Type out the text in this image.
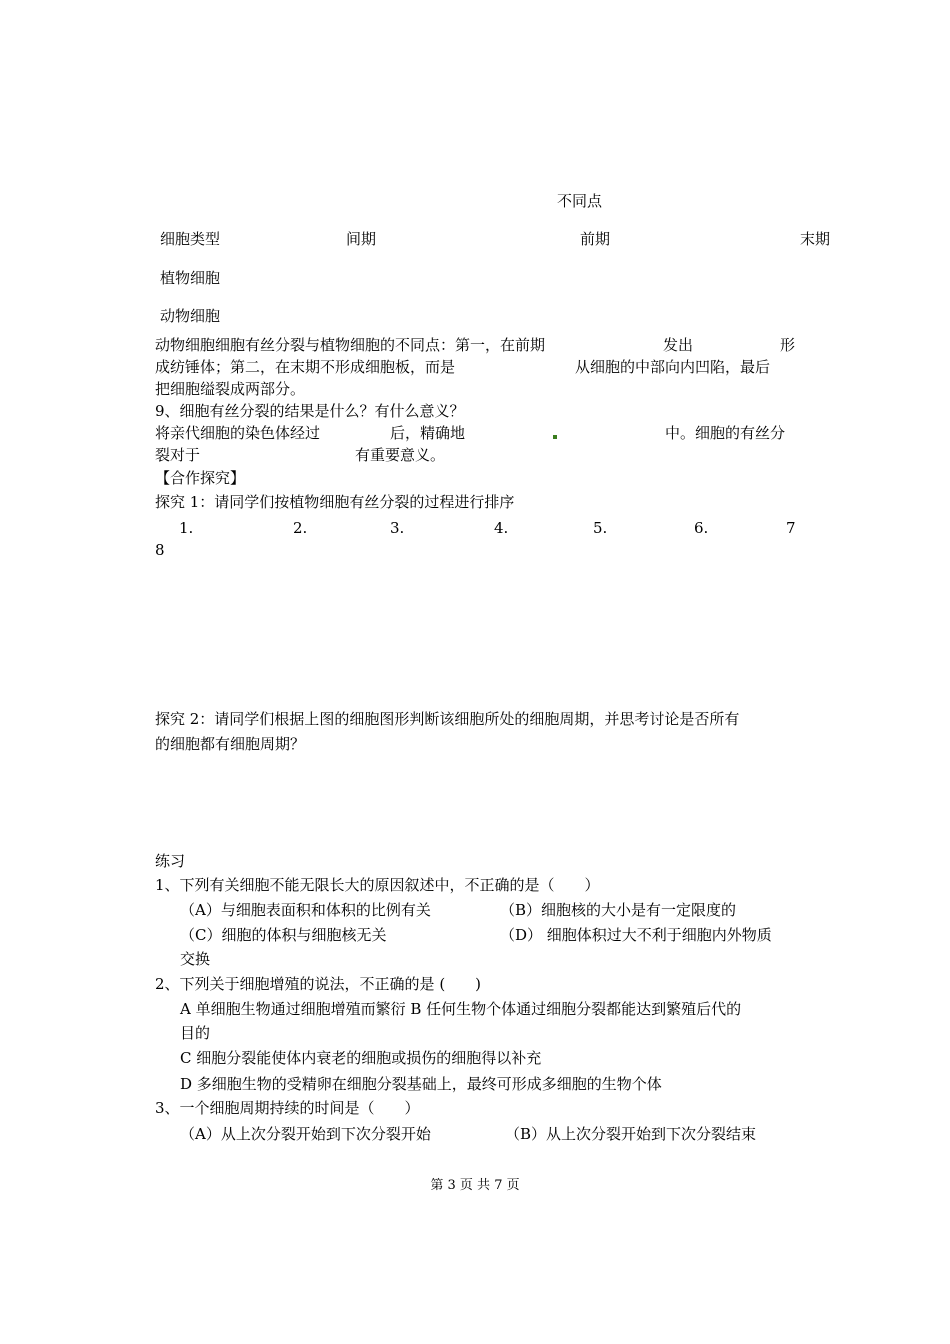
不同点
细胞类型	间期	前期	末期
植物细胞
动物细胞
动物细胞细胞有丝分裂与植物细胞的不同点：第一，在前期	发出	形
成纺锤体；第二，在末期不形成细胞板，而是	从细胞的中部向内凹陷，最后
把细胞缢裂成两部分。
9、细胞有丝分裂的结果是什么？有什么意义？
将亲代细胞的染色体经过	后，精确地	中。细胞的有丝分
裂对于	有重要意义。
【合作探究】
探究 1：请同学们按植物细胞有丝分裂的过程进行排序
1.	2.	3.	4.	5.	6.	7
8
探究 2：请同学们根据上图的细胞图形判断该细胞所处的细胞周期，并思考讨论是否所有
的细胞都有细胞周期？
练习
1、下列有关细胞不能无限长大的原因叙述中，不正确的是（　　）
（A）与细胞表面积和体积的比例有关	（B）细胞核的大小是有一定限度的
（C）细胞的体积与细胞核无关	（D） 细胞体积过大不利于细胞内外物质
交换
2、下列关于细胞增殖的说法，不正确的是 (　　)
A 单细胞生物通过细胞增殖而繁衍 B 任何生物个体通过细胞分裂都能达到繁殖后代的
目的
C 细胞分裂能使体内衰老的细胞或损伤的细胞得以补充
D 多细胞生物的受精卵在细胞分裂基础上，最终可形成多细胞的生物个体
3、一个细胞周期持续的时间是（　　）
（A）从上次分裂开始到下次分裂开始	（B）从上次分裂开始到下次分裂结束
第 3 页 共 7 页
